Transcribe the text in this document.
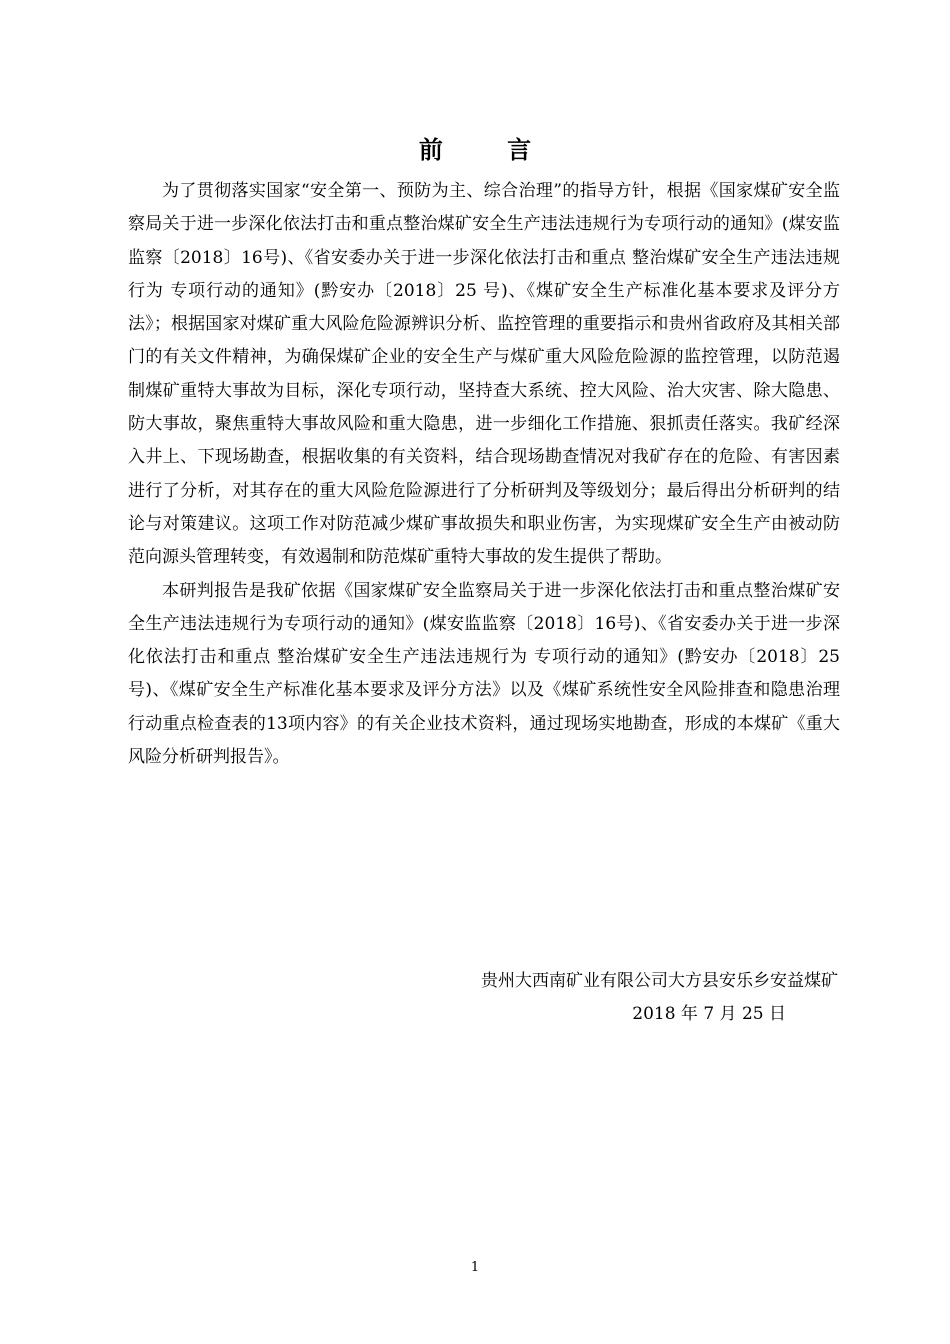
前 言

为了贯彻落实国家“安全第一、预防为主、综合治理”的指导方针，根据《国家煤矿安全监察局关于进一步深化依法打击和重点整治煤矿安全生产违法违规行为专项行动的通知》(煤安监监察〔2018〕16号)、《省安委办关于进一步深化依法打击和重点 整治煤矿安全生产违法违规行为 专项行动的通知》(黔安办〔2018〕25 号)、《煤矿安全生产标准化基本要求及评分方法》；根据国家对煤矿重大风险危险源辨识分析、监控管理的重要指示和贵州省政府及其相关部门的有关文件精神，为确保煤矿企业的安全生产与煤矿重大风险危险源的监控管理，以防范遏制煤矿重特大事故为目标，深化专项行动，坚持查大系统、控大风险、治大灾害、除大隐患、防大事故，聚焦重特大事故风险和重大隐患，进一步细化工作措施、狠抓责任落实。我矿经深入井上、下现场勘查，根据收集的有关资料，结合现场勘查情况对我矿存在的危险、有害因素进行了分析，对其存在的重大风险危险源进行了分析研判及等级划分；最后得出分析研判的结论与对策建议。这项工作对防范减少煤矿事故损失和职业伤害，为实现煤矿安全生产由被动防范向源头管理转变，有效遏制和防范煤矿重特大事故的发生提供了帮助。

本研判报告是我矿依据《国家煤矿安全监察局关于进一步深化依法打击和重点整治煤矿安全生产违法违规行为专项行动的通知》(煤安监监察〔2018〕16号)、《省安委办关于进一步深化依法打击和重点 整治煤矿安全生产违法违规行为 专项行动的通知》(黔安办〔2018〕25 号)、《煤矿安全生产标准化基本要求及评分方法》以及《煤矿系统性安全风险排查和隐患治理行动重点检查表的13项内容》的有关企业技术资料，通过现场实地勘查，形成的本煤矿《重大风险分析研判报告》。

贵州大西南矿业有限公司大方县安乐乡安益煤矿
2018 年 7 月 25 日
1
